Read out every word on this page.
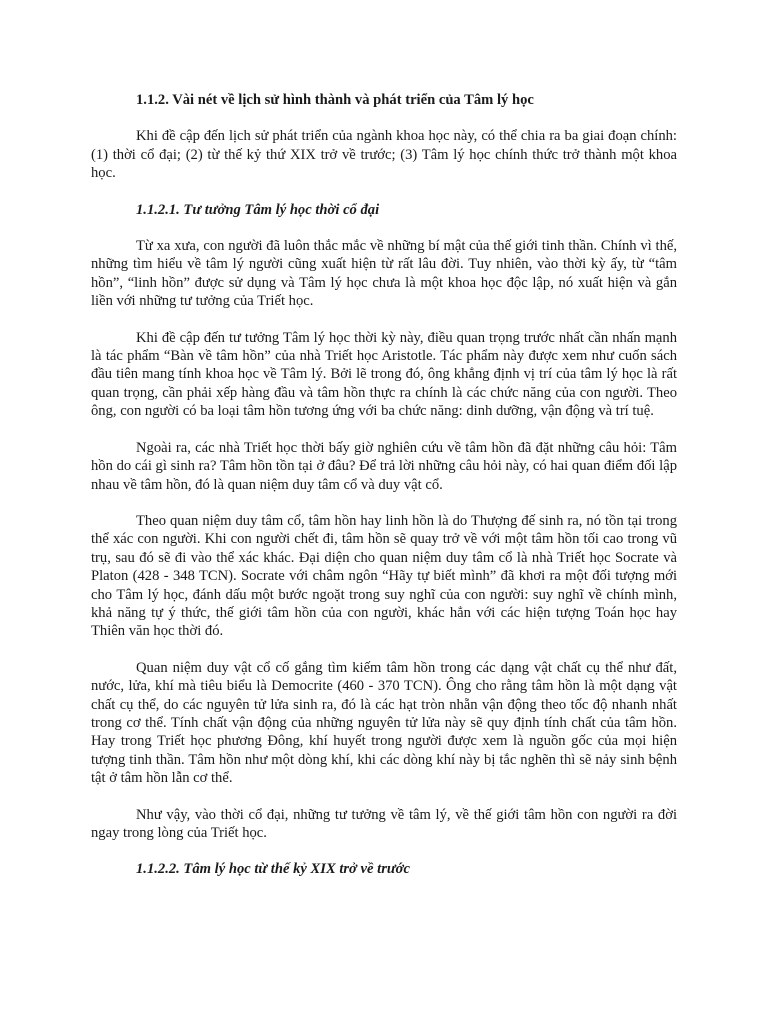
1.1.2. Vài nét về lịch sử hình thành và phát triển của Tâm lý học

Khi đề cập đến lịch sử phát triển của ngành khoa học này, có thể chia ra ba giai đoạn chính: (1) thời cổ đại; (2) từ thế kỷ thứ XIX trở về trước; (3) Tâm lý học chính thức trở thành một khoa học.

1.1.2.1. Tư tưởng Tâm lý học thời cổ đại

Từ xa xưa, con người đã luôn thắc mắc về những bí mật của thế giới tinh thần. Chính vì thế, những tìm hiểu về tâm lý người cũng xuất hiện từ rất lâu đời. Tuy nhiên, vào thời kỳ ấy, từ “tâm hồn”, “linh hồn” được sử dụng và Tâm lý học chưa là một khoa học độc lập, nó xuất hiện và gắn liền với những tư tưởng của Triết học.

Khi đề cập đến tư tưởng Tâm lý học thời kỳ này, điều quan trọng trước nhất cần nhấn mạnh là tác phẩm “Bàn về tâm hồn” của nhà Triết học Aristotle. Tác phẩm này được xem như cuốn sách đầu tiên mang tính khoa học về Tâm lý. Bởi lẽ trong đó, ông khẳng định vị trí của tâm lý học là rất quan trọng, cần phải xếp hàng đầu và tâm hồn thực ra chính là các chức năng của con người. Theo ông, con người có ba loại tâm hồn tương ứng với ba chức năng: dinh dưỡng, vận động và trí tuệ.

Ngoài ra, các nhà Triết học thời bấy giờ nghiên cứu về tâm hồn đã đặt những câu hỏi: Tâm hồn do cái gì sinh ra? Tâm hồn tồn tại ở đâu? Để trả lời những câu hỏi này, có hai quan điểm đối lập nhau về tâm hồn, đó là quan niệm duy tâm cổ và duy vật cổ.

Theo quan niệm duy tâm cổ, tâm hồn hay linh hồn là do Thượng đế sinh ra, nó tồn tại trong thể xác con người. Khi con người chết đi, tâm hồn sẽ quay trở về với một tâm hồn tối cao trong vũ trụ, sau đó sẽ đi vào thể xác khác. Đại diện cho quan niệm duy tâm cổ là nhà Triết học Socrate và Platon (428 - 348 TCN). Socrate với châm ngôn “Hãy tự biết mình” đã khơi ra một đối tượng mới cho Tâm lý học, đánh dấu một bước ngoặt trong suy nghĩ của con người: suy nghĩ về chính mình, khả năng tự ý thức, thế giới tâm hồn của con người, khác hẳn với các hiện tượng Toán học hay Thiên văn học thời đó.

Quan niệm duy vật cổ cố gắng tìm kiếm tâm hồn trong các dạng vật chất cụ thể như đất, nước, lửa, khí mà tiêu biểu là Democrite (460 - 370 TCN). Ông cho rằng tâm hồn là một dạng vật chất cụ thể, do các nguyên tử lửa sinh ra, đó là các hạt tròn nhẵn vận động theo tốc độ nhanh nhất trong cơ thể. Tính chất vận động của những nguyên tử lửa này sẽ quy định tính chất của tâm hồn. Hay trong Triết học phương Đông, khí huyết trong người được xem là nguồn gốc của mọi hiện tượng tinh thần. Tâm hồn như một dòng khí, khi các dòng khí này bị tắc nghẽn thì sẽ nảy sinh bệnh tật ở tâm hồn lẫn cơ thể.

Như vậy, vào thời cổ đại, những tư tưởng về tâm lý, về thế giới tâm hồn con người ra đời ngay trong lòng của Triết học.

1.1.2.2. Tâm lý học từ thế kỷ XIX trở về trước
